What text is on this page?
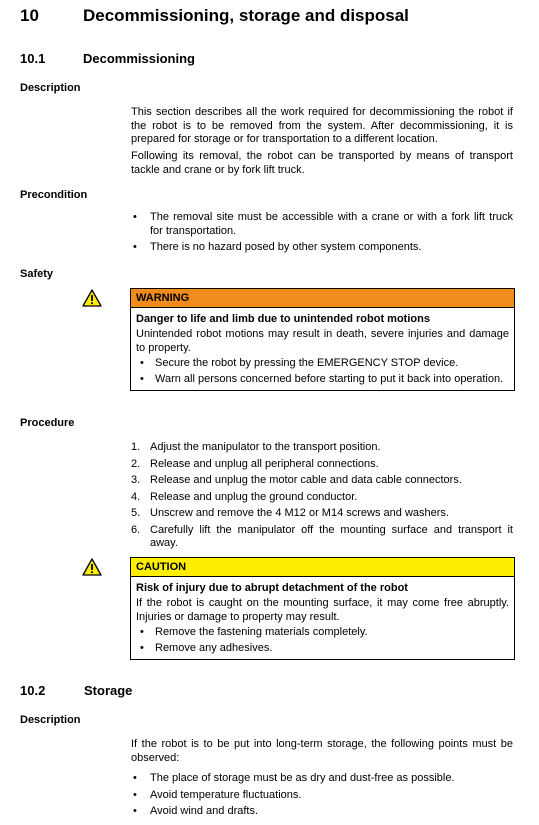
10	Decommissioning, storage and disposal
10.1	Decommissioning
Description
This section describes all the work required for decommissioning the robot if the robot is to be removed from the system. After decommissioning, it is prepared for storage or for transportation to a different location.
Following its removal, the robot can be transported by means of transport tackle and crane or by fork lift truck.
Precondition
• The removal site must be accessible with a crane or with a fork lift truck for transportation.
• There is no hazard posed by other system components.
Safety
WARNING
Danger to life and limb due to unintended robot motions
Unintended robot motions may result in death, severe injuries and damage to property.
• Secure the robot by pressing the EMERGENCY STOP device.
• Warn all persons concerned before starting to put it back into operation.
Procedure
1. Adjust the manipulator to the transport position.
2. Release and unplug all peripheral connections.
3. Release and unplug the motor cable and data cable connectors.
4. Release and unplug the ground conductor.
5. Unscrew and remove the 4 M12 or M14 screws and washers.
6. Carefully lift the manipulator off the mounting surface and transport it away.
CAUTION
Risk of injury due to abrupt detachment of the robot
If the robot is caught on the mounting surface, it may come free abruptly. Injuries or damage to property may result.
• Remove the fastening materials completely.
• Remove any adhesives.
10.2	Storage
Description
If the robot is to be put into long-term storage, the following points must be observed:
• The place of storage must be as dry and dust-free as possible.
• Avoid temperature fluctuations.
• Avoid wind and drafts.
